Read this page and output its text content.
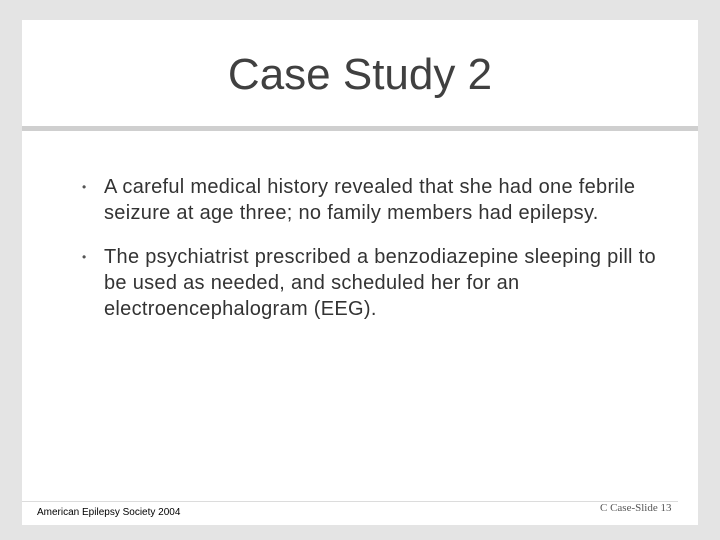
Case Study 2
• A careful medical history revealed that she had one febrile seizure at age three; no family members had epilepsy.
• The psychiatrist prescribed a benzodiazepine sleeping pill to be used as needed, and scheduled her for an electroencephalogram (EEG).
American Epilepsy Society 2004	C Case-Slide 13
